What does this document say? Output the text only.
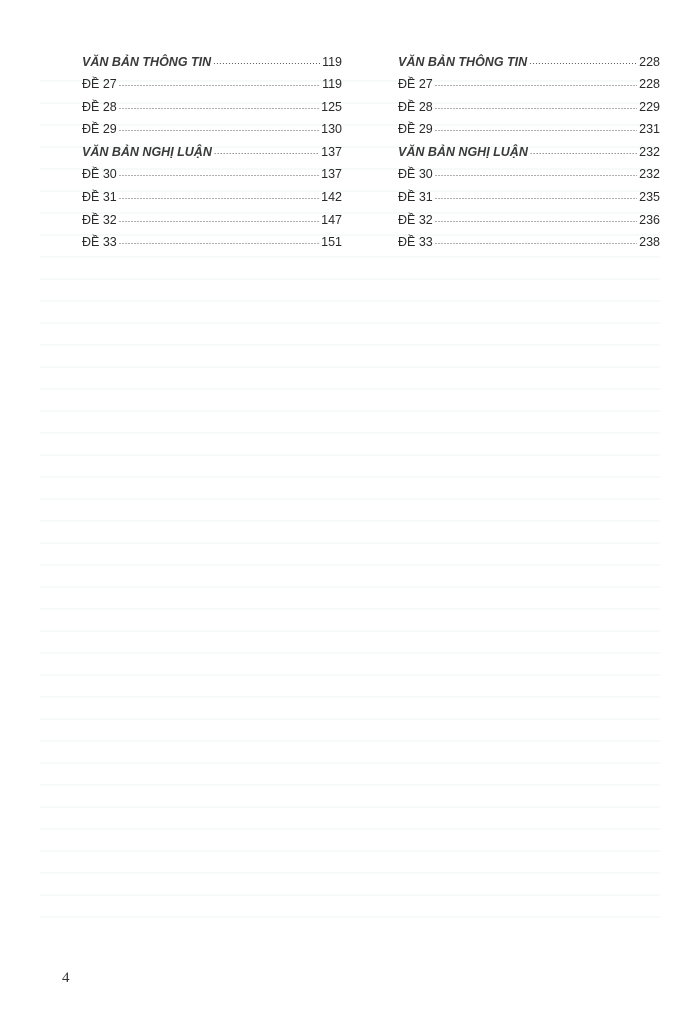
VĂN BẢN THÔNG TIN .....	119
ĐỀ 27 .....	119
ĐỀ 28 .....	125
ĐỀ 29 .....	130
VĂN BẢN NGHỊ LUẬN .....	137
ĐỀ 30 .....	137
ĐỀ 31 .....	142
ĐỀ 32 .....	147
ĐỀ 33 .....	151
VĂN BẢN THÔNG TIN .....	228
ĐỀ 27 .....	228
ĐỀ 28 .....	229
ĐỀ 29 .....	231
VĂN BẢN NGHỊ LUẬN .....	232
ĐỀ 30 .....	232
ĐỀ 31 .....	235
ĐỀ 32 .....	236
ĐỀ 33 .....	238
4
